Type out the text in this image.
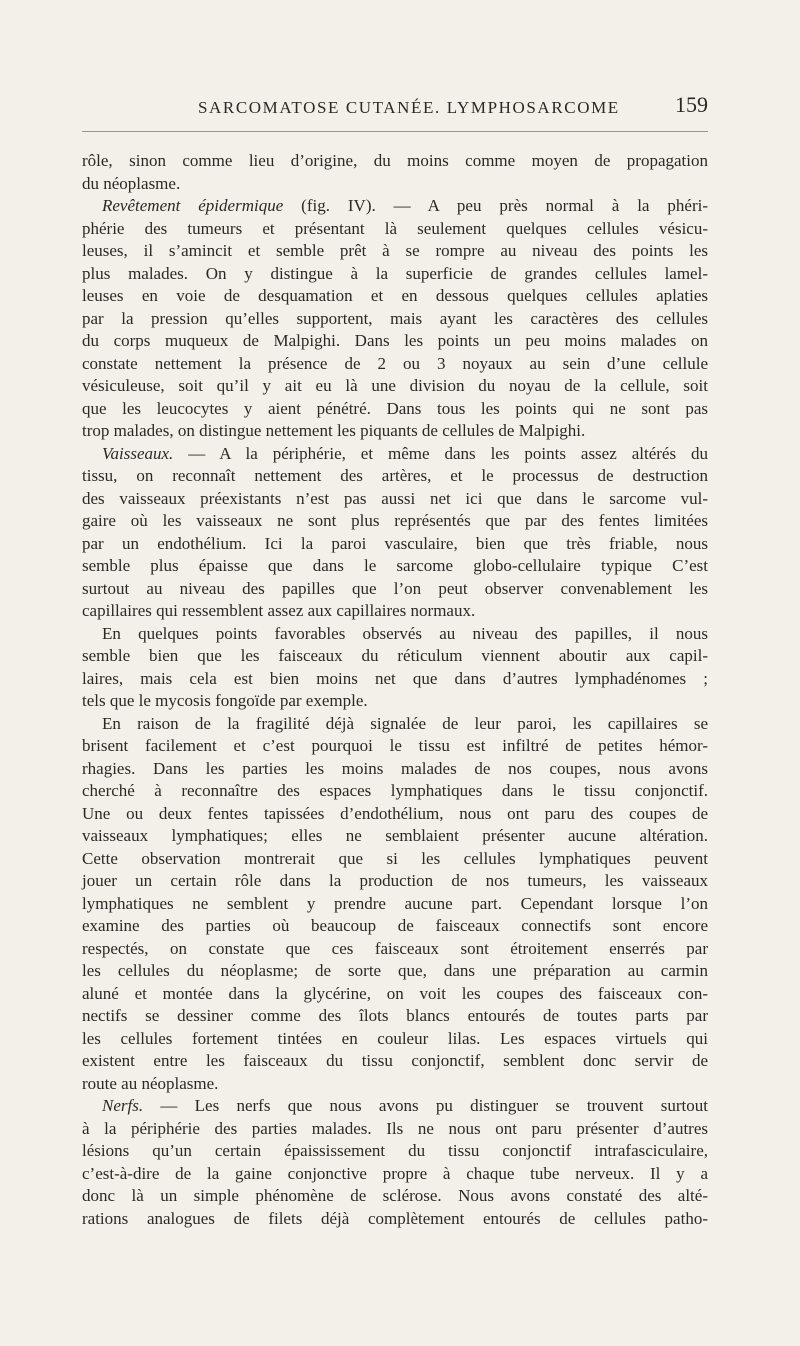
SARCOMATOSE CUTANÉE. LYMPHOSARCOME	159
rôle, sinon comme lieu d’origine, du moins comme moyen de propagation
du néoplasme.
Revêtement épidermique (fig. IV). — A peu près normal à la phéri-
phérie des tumeurs et présentant là seulement quelques cellules vésicu-
leuses, il s’amincit et semble prêt à se rompre au niveau des points les
plus malades. On y distingue à la superficie de grandes cellules lamel-
leuses en voie de desquamation et en dessous quelques cellules aplaties
par la pression qu’elles supportent, mais ayant les caractères des cellules
du corps muqueux de Malpighi. Dans les points un peu moins malades on
constate nettement la présence de 2 ou 3 noyaux au sein d’une cellule
vésiculeuse, soit qu’il y ait eu là une division du noyau de la cellule, soit
que les leucocytes y aient pénétré. Dans tous les points qui ne sont pas
trop malades, on distingue nettement les piquants de cellules de Malpighi.
Vaisseaux. — A la périphérie, et même dans les points assez altérés du
tissu, on reconnaît nettement des artères, et le processus de destruction
des vaisseaux préexistants n’est pas aussi net ici que dans le sarcome vul-
gaire où les vaisseaux ne sont plus représentés que par des fentes limitées
par un endothélium. Ici la paroi vasculaire, bien que très friable, nous
semble plus épaisse que dans le sarcome globo-cellulaire typique C’est
surtout au niveau des papilles que l’on peut observer convenablement les
capillaires qui ressemblent assez aux capillaires normaux.
En quelques points favorables observés au niveau des papilles, il nous
semble bien que les faisceaux du réticulum viennent aboutir aux capil-
laires, mais cela est bien moins net que dans d’autres lymphadénomes ;
tels que le mycosis fongoïde par exemple.
En raison de la fragilité déjà signalée de leur paroi, les capillaires se
brisent facilement et c’est pourquoi le tissu est infiltré de petites hémor-
rhagies. Dans les parties les moins malades de nos coupes, nous avons
cherché à reconnaître des espaces lymphatiques dans le tissu conjonctif.
Une ou deux fentes tapissées d’endothélium, nous ont paru des coupes de
vaisseaux lymphatiques; elles ne semblaient présenter aucune altération.
Cette observation montrerait que si les cellules lymphatiques peuvent
jouer un certain rôle dans la production de nos tumeurs, les vaisseaux
lymphatiques ne semblent y prendre aucune part. Cependant lorsque l’on
examine des parties où beaucoup de faisceaux connectifs sont encore
respectés, on constate que ces faisceaux sont étroitement enserrés par
les cellules du néoplasme; de sorte que, dans une préparation au carmin
aluné et montée dans la glycérine, on voit les coupes des faisceaux con-
nectifs se dessiner comme des îlots blancs entourés de toutes parts par
les cellules fortement tintées en couleur lilas. Les espaces virtuels qui
existent entre les faisceaux du tissu conjonctif, semblent donc servir de
route au néoplasme.
Nerfs. — Les nerfs que nous avons pu distinguer se trouvent surtout
à la périphérie des parties malades. Ils ne nous ont paru présenter d’autres
lésions qu’un certain épaississement du tissu conjonctif intrafasciculaire,
c’est-à-dire de la gaine conjonctive propre à chaque tube nerveux. Il y a
donc là un simple phénomène de sclérose. Nous avons constaté des alté-
rations analogues de filets déjà complètement entourés de cellules patho-
